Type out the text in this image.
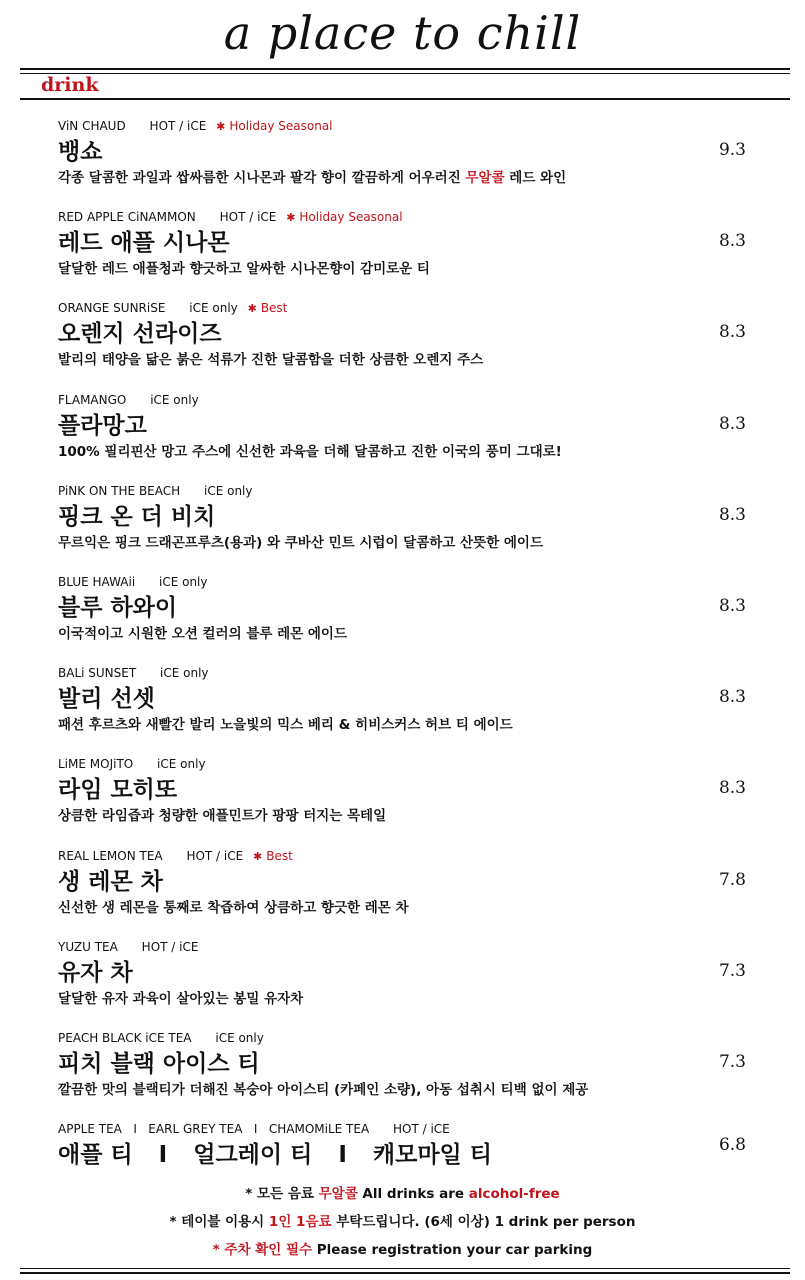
a place to chill
drink
ViN CHAUD HOT / iCE ✱ Holiday Seasonal
뱅쇼
각종 달콤한 과일과 쌉싸름한 시나몬과 팔각 향이 깔끔하게 어우러진 무알콜 레드 와인
9.3
RED APPLE CiNAMMON HOT / iCE ✱ Holiday Seasonal
레드 애플 시나몬
달달한 레드 애플청과 향긋하고 알싸한 시나몬향이 감미로운 티
8.3
ORANGE SUNRiSE iCE only ✱ Best
오렌지 선라이즈
발리의 태양을 닮은 붉은 석류가 진한 달콤함을 더한 상큼한 오렌지 주스
8.3
FLAMANGO iCE only
플라망고
100% 필리핀산 망고 주스에 신선한 과육을 더해 달콤하고 진한 이국의 풍미 그대로!
8.3
PiNK ON THE BEACH iCE only
핑크 온 더 비치
무르익은 핑크 드래곤프루츠(용과) 와 쿠바산 민트 시럽이 달콤하고 산뜻한 에이드
8.3
BLUE HAWAii iCE only
블루 하와이
이국적이고 시원한 오션 컬러의 블루 레몬 에이드
8.3
BALi SUNSET iCE only
발리 선셋
패션 후르츠와 새빨간 발리 노을빛의 믹스 베리 & 히비스커스 허브 티 에이드
8.3
LiME MOJiTO iCE only
라임 모히또
상큼한 라임즙과 청량한 애플민트가 팡팡 터지는 목테일
8.3
REAL LEMON TEA HOT / iCE ✱ Best
생 레몬 차
신선한 생 레몬을 통째로 착즙하여 상큼하고 향긋한 레몬 차
7.8
YUZU TEA HOT / iCE
유자 차
달달한 유자 과육이 살아있는 봉밀 유자차
7.3
PEACH BLACK iCE TEA iCE only
피치 블랙 아이스 티
깔끔한 맛의 블랙티가 더해진 복숭아 아이스티 (카페인 소량), 아동 섭취시 티백 없이 제공
7.3
APPLE TEA   I   EARL GREY TEA   I   CHAMOMiLE TEA HOT / iCE
애플 티 I 얼그레이 티 I 캐모마일 티	6.8
* 모든 음료 무알콜 All drinks are alcohol-free
* 테이블 이용시 1인 1음료 부탁드립니다. (6세 이상) 1 drink per person
* 주차 확인 필수 Please registration your car parking
